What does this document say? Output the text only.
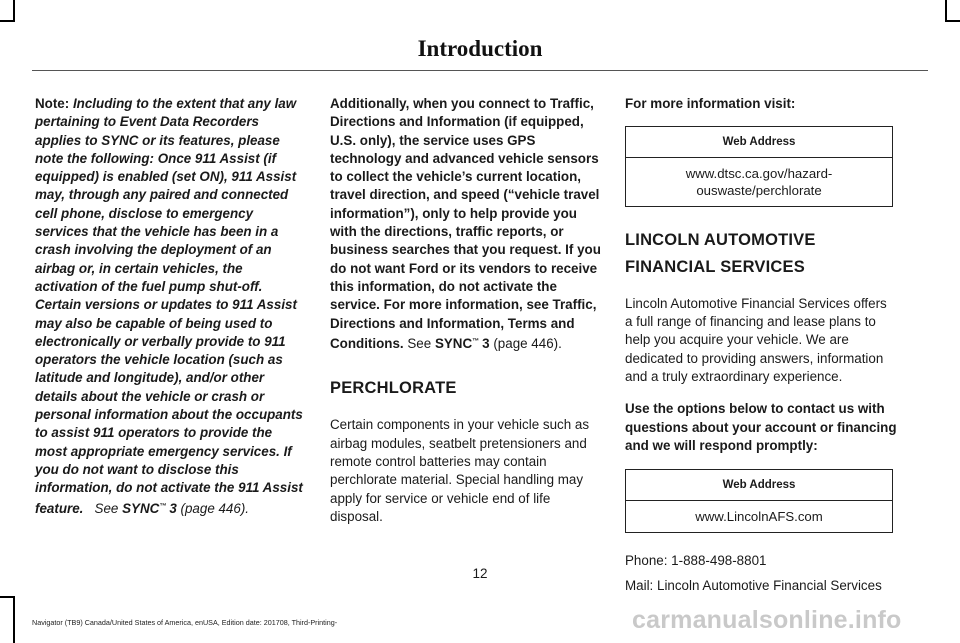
Introduction

Note: Including to the extent that any law pertaining to Event Data Recorders applies to SYNC or its features, please note the following: Once 911 Assist (if equipped) is enabled (set ON), 911 Assist may, through any paired and connected cell phone, disclose to emergency services that the vehicle has been in a crash involving the deployment of an airbag or, in certain vehicles, the activation of the fuel pump shut-off. Certain versions or updates to 911 Assist may also be capable of being used to electronically or verbally provide to 911 operators the vehicle location (such as latitude and longitude), and/or other details about the vehicle or crash or personal information about the occupants to assist 911 operators to provide the most appropriate emergency services. If you do not want to disclose this information, do not activate the 911 Assist feature. See SYNC™ 3 (page 446).

Additionally, when you connect to Traffic, Directions and Information (if equipped, U.S. only), the service uses GPS technology and advanced vehicle sensors to collect the vehicle’s current location, travel direction, and speed (“vehicle travel information”), only to help provide you with the directions, traffic reports, or business searches that you request. If you do not want Ford or its vendors to receive this information, do not activate the service. For more information, see Traffic, Directions and Information, Terms and Conditions. See SYNC™ 3 (page 446).

PERCHLORATE

Certain components in your vehicle such as airbag modules, seatbelt pretensioners and remote control batteries may contain perchlorate material. Special handling may apply for service or vehicle end of life disposal.

For more information visit:

Web Address
www.dtsc.ca.gov/hazard-ouswaste/perchlorate

LINCOLN AUTOMOTIVE

FINANCIAL SERVICES

Lincoln Automotive Financial Services offers a full range of financing and lease plans to help you acquire your vehicle. We are dedicated to providing answers, information and a truly extraordinary experience.

Use the options below to contact us with questions about your account or financing and we will respond promptly:

Web Address
www.LincolnAFS.com

Phone: 1-888-498-8801

Mail: Lincoln Automotive Financial Services

12
Navigator (TB9) Canada/United States of America, enUSA, Edition date: 201708, Third-Printing-	carmanualsonline.info
